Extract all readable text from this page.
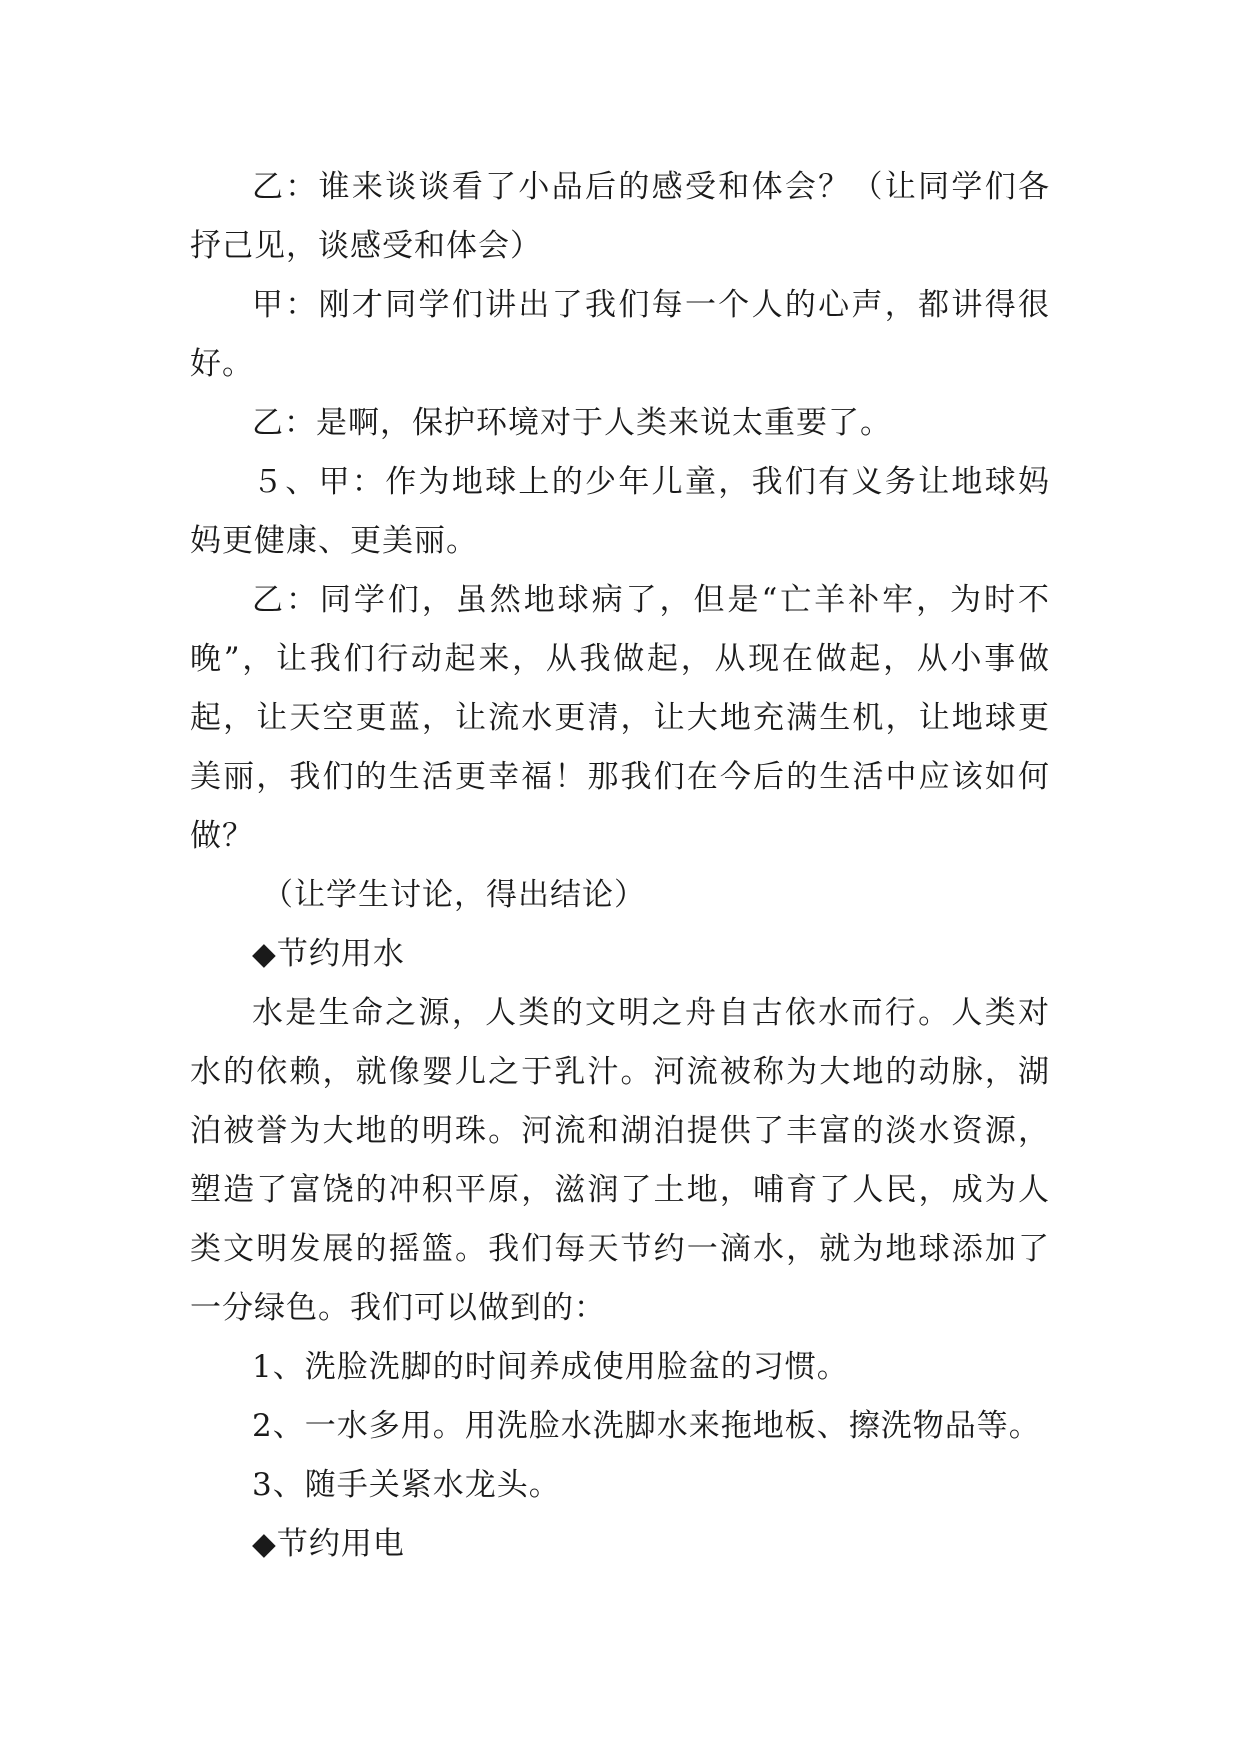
乙：谁来谈谈看了小品后的感受和体会？（让同学们各抒己见，谈感受和体会）

甲：刚才同学们讲出了我们每一个人的心声，都讲得很好。

乙：是啊，保护环境对于人类来说太重要了。

５、甲：作为地球上的少年儿童，我们有义务让地球妈妈更健康、更美丽。

乙：同学们，虽然地球病了，但是“亡羊补牢，为时不晚”，让我们行动起来，从我做起，从现在做起，从小事做起，让天空更蓝，让流水更清，让大地充满生机，让地球更美丽，我们的生活更幸福！那我们在今后的生活中应该如何做？

（让学生讨论，得出结论）

◆节约用水

水是生命之源，人类的文明之舟自古依水而行。人类对水的依赖，就像婴儿之于乳汁。河流被称为大地的动脉，湖泊被誉为大地的明珠。河流和湖泊提供了丰富的淡水资源，塑造了富饶的冲积平原，滋润了土地，哺育了人民，成为人类文明发展的摇篮。我们每天节约一滴水，就为地球添加了一分绿色。我们可以做到的：

1、洗脸洗脚的时间养成使用脸盆的习惯。

2、一水多用。用洗脸水洗脚水来拖地板、擦洗物品等。

3、随手关紧水龙头。

◆节约用电
